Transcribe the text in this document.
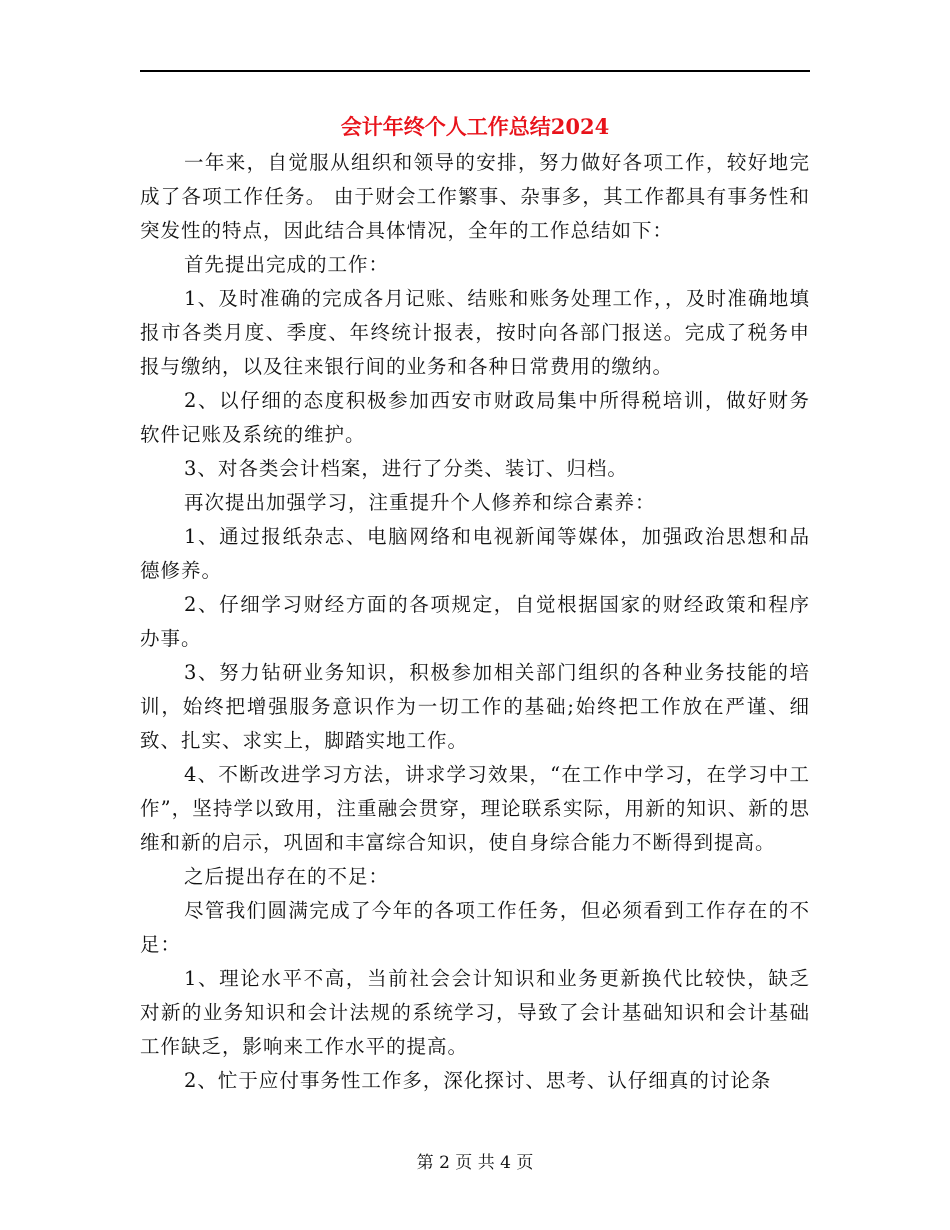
会计年终个人工作总结2024

一年来，自觉服从组织和领导的安排，努力做好各项工作，较好地完成了各项工作任务。 由于财会工作繁事、杂事多，其工作都具有事务性和突发性的特点，因此结合具体情况，全年的工作总结如下：

首先提出完成的工作：

1、及时准确的完成各月记账、结账和账务处理工作，，及时准确地填报市各类月度、季度、年终统计报表，按时向各部门报送。完成了税务申报与缴纳，以及往来银行间的业务和各种日常费用的缴纳。

2、以仔细的态度积极参加西安市财政局集中所得税培训，做好财务软件记账及系统的维护。

3、对各类会计档案，进行了分类、装订、归档。

再次提出加强学习，注重提升个人修养和综合素养：

1、通过报纸杂志、电脑网络和电视新闻等媒体，加强政治思想和品德修养。

2、仔细学习财经方面的各项规定，自觉根据国家的财经政策和程序办事。

3、努力钻研业务知识，积极参加相关部门组织的各种业务技能的培训，始终把增强服务意识作为一切工作的基础;始终把工作放在严谨、细致、扎实、求实上，脚踏实地工作。

4、不断改进学习方法，讲求学习效果，“在工作中学习，在学习中工作”，坚持学以致用，注重融会贯穿，理论联系实际，用新的知识、新的思维和新的启示，巩固和丰富综合知识，使自身综合能力不断得到提高。

之后提出存在的不足：

尽管我们圆满完成了今年的各项工作任务，但必须看到工作存在的不足：

1、理论水平不高，当前社会会计知识和业务更新换代比较快，缺乏对新的业务知识和会计法规的系统学习，导致了会计基础知识和会计基础工作缺乏，影响来工作水平的提高。

2、忙于应付事务性工作多，深化探讨、思考、认仔细真的讨论条

第 2 页 共 4 页
